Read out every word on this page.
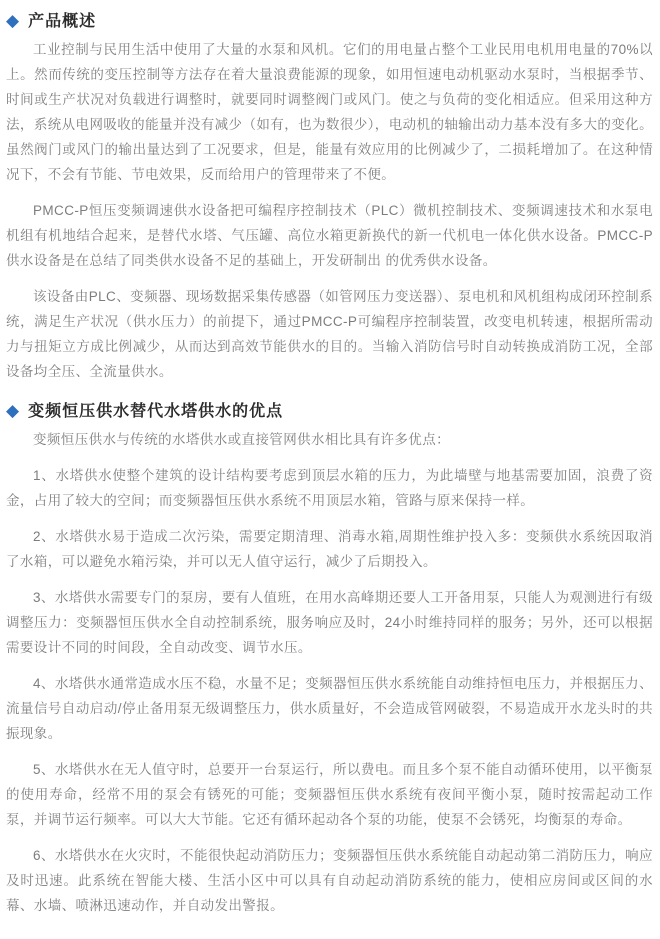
◆ 产品概述

工业控制与民用生活中使用了大量的水泵和风机。它们的用电量占整个工业民用电机用电量的70%以上。然而传统的变压控制等方法存在着大量浪费能源的现象，如用恒速电动机驱动水泵时，当根据季节、时间或生产状况对负载进行调整时，就要同时调整阀门或风门。使之与负荷的变化相适应。但采用这种方法，系统从电网吸收的能量并没有减少（如有，也为数很少），电动机的轴输出动力基本没有多大的变化。虽然阀门或风门的输出量达到了工况要求，但是，能量有效应用的比例减少了，二损耗增加了。在这种情况下，不会有节能、节电效果，反而给用户的管理带来了不便。

PMCC-P恒压变频调速供水设备把可编程序控制技术（PLC）微机控制技术、变频调速技术和水泵电机组有机地结合起来，是替代水塔、气压罐、高位水箱更新换代的新一代机电一体化供水设备。PMCC-P供水设备是在总结了同类供水设备不足的基础上，开发研制出 的优秀供水设备。

该设备由PLC、变频器、现场数据采集传感器（如管网压力变送器）、泵电机和风机组构成闭环控制系统，满足生产状况（供水压力）的前提下，通过PMCC-P可编程序控制装置，改变电机转速，根据所需动力与扭矩立方成比例减少，从而达到高效节能供水的目的。当输入消防信号时自动转换成消防工况，全部设备均全压、全流量供水。

◆ 变频恒压供水替代水塔供水的优点

变频恒压供水与传统的水塔供水或直接管网供水相比具有许多优点：

1、水塔供水使整个建筑的设计结构要考虑到顶层水箱的压力，为此墙壁与地基需要加固，浪费了资金，占用了较大的空间；而变频器恒压供水系统不用顶层水箱，管路与原来保持一样。

2、水塔供水易于造成二次污染，需要定期清理、消毒水箱,周期性维护投入多：变频供水系统因取消了水箱，可以避免水箱污染，并可以无人值守运行，减少了后期投入。

3、水塔供水需要专门的泵房，要有人值班，在用水高峰期还要人工开备用泵，只能人为观测进行有级调整压力：变频器恒压供水全自动控制系统，服务响应及时，24小时维持同样的服务；另外，还可以根据需要设计不同的时间段，全自动改变、调节水压。

4、水塔供水通常造成水压不稳，水量不足；变频器恒压供水系统能自动维持恒电压力，并根据压力、流量信号自动启动/停止备用泵无级调整压力，供水质量好，不会造成管网破裂，不易造成开水龙头时的共振现象。

5、水塔供水在无人值守时，总要开一台泵运行，所以费电。而且多个泵不能自动循环使用，以平衡泵的使用寿命，经常不用的泵会有锈死的可能；变频器恒压供水系统有夜间平衡小泵，随时按需起动工作泵，并调节运行频率。可以大大节能。它还有循环起动各个泵的功能，使泵不会锈死，均衡泵的寿命。

6、水塔供水在火灾时，不能很快起动消防压力；变频器恒压供水系统能自动起动第二消防压力，响应及时迅速。此系统在智能大楼、生活小区中可以具有自动起动消防系统的能力，使相应房间或区间的水幕、水墙、喷淋迅速动作，并自动发出警报。
